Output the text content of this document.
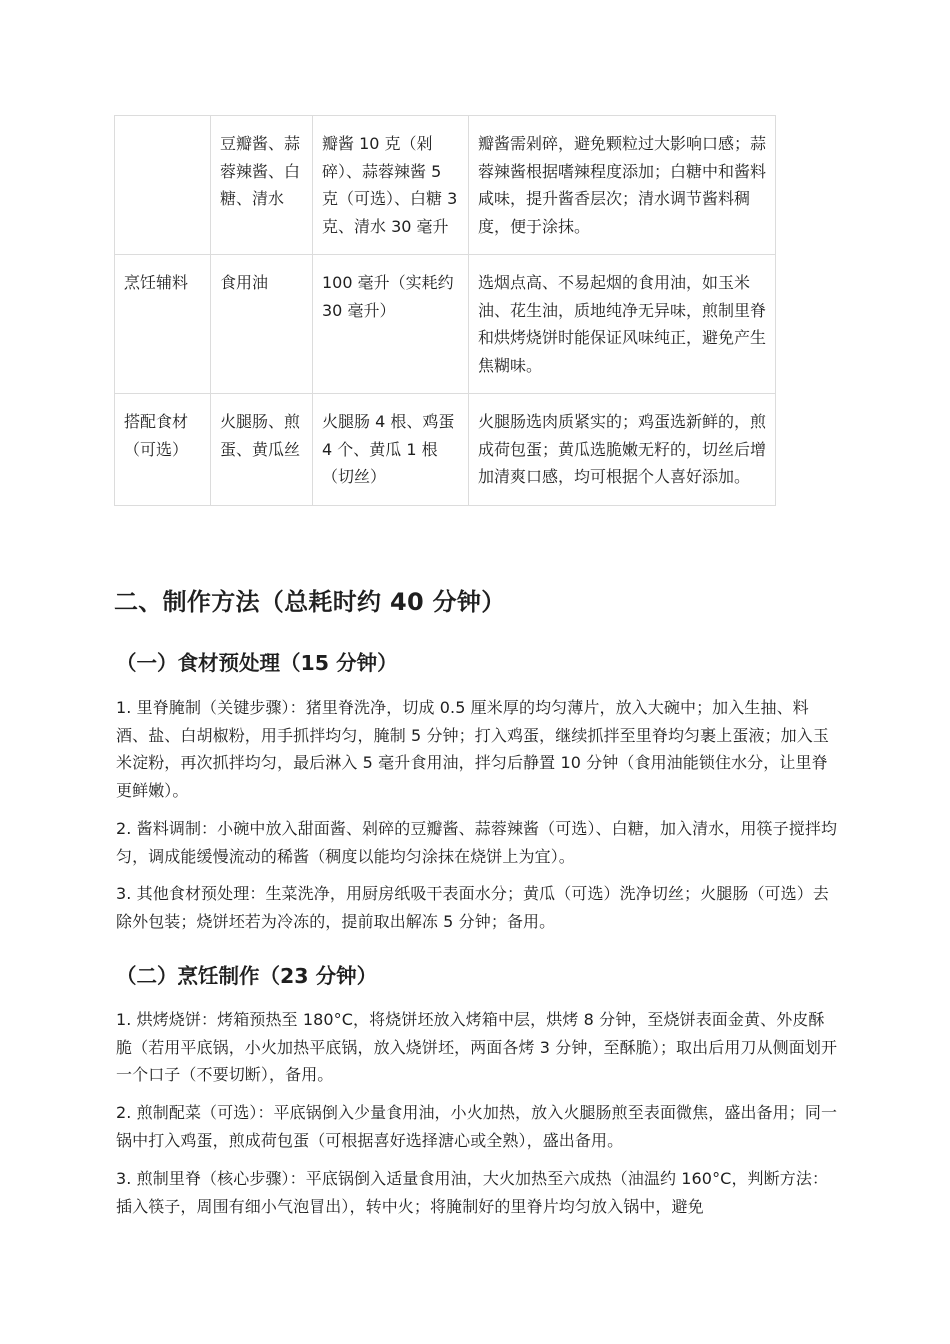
	豆瓣酱、蒜蓉辣酱、白糖、清水	瓣酱 10 克（剁碎）、蒜蓉辣酱 5 克（可选）、白糖 3 克、清水 30 毫升	瓣酱需剁碎，避免颗粒过大影响口感；蒜蓉辣酱根据嗜辣程度添加；白糖中和酱料咸味，提升酱香层次；清水调节酱料稠度，便于涂抹。
烹饪辅料	食用油	100 毫升（实耗约 30 毫升）	选烟点高、不易起烟的食用油，如玉米油、花生油，质地纯净无异味，煎制里脊和烘烤烧饼时能保证风味纯正，避免产生焦糊味。
搭配食材（可选）	火腿肠、煎蛋、黄瓜丝	火腿肠 4 根、鸡蛋 4 个、黄瓜 1 根（切丝）	火腿肠选肉质紧实的；鸡蛋选新鲜的，煎成荷包蛋；黄瓜选脆嫩无籽的，切丝后增加清爽口感，均可根据个人喜好添加。
二、制作方法（总耗时约 40 分钟）
（一）食材预处理（15 分钟）

1. 里脊腌制（关键步骤）：猪里脊洗净，切成 0.5 厘米厚的均匀薄片，放入大碗中；加入生抽、料酒、盐、白胡椒粉，用手抓拌均匀，腌制 5 分钟；打入鸡蛋，继续抓拌至里脊均匀裹上蛋液；加入玉米淀粉，再次抓拌均匀，最后淋入 5 毫升食用油，拌匀后静置 10 分钟（食用油能锁住水分，让里脊更鲜嫩）。

2. 酱料调制：小碗中放入甜面酱、剁碎的豆瓣酱、蒜蓉辣酱（可选）、白糖，加入清水，用筷子搅拌均匀，调成能缓慢流动的稀酱（稠度以能均匀涂抹在烧饼上为宜）。

3. 其他食材预处理：生菜洗净，用厨房纸吸干表面水分；黄瓜（可选）洗净切丝；火腿肠（可选）去除外包装；烧饼坯若为冷冻的，提前取出解冻 5 分钟；备用。

（二）烹饪制作（23 分钟）

1. 烘烤烧饼：烤箱预热至 180°C，将烧饼坯放入烤箱中层，烘烤 8 分钟，至烧饼表面金黄、外皮酥脆（若用平底锅，小火加热平底锅，放入烧饼坯，两面各烤 3 分钟，至酥脆）；取出后用刀从侧面划开一个口子（不要切断），备用。

2. 煎制配菜（可选）：平底锅倒入少量食用油，小火加热，放入火腿肠煎至表面微焦，盛出备用；同一锅中打入鸡蛋，煎成荷包蛋（可根据喜好选择溏心或全熟），盛出备用。

3. 煎制里脊（核心步骤）：平底锅倒入适量食用油，大火加热至六成热（油温约 160°C，判断方法：插入筷子，周围有细小气泡冒出），转中火；将腌制好的里脊片均匀放入锅中，避免
